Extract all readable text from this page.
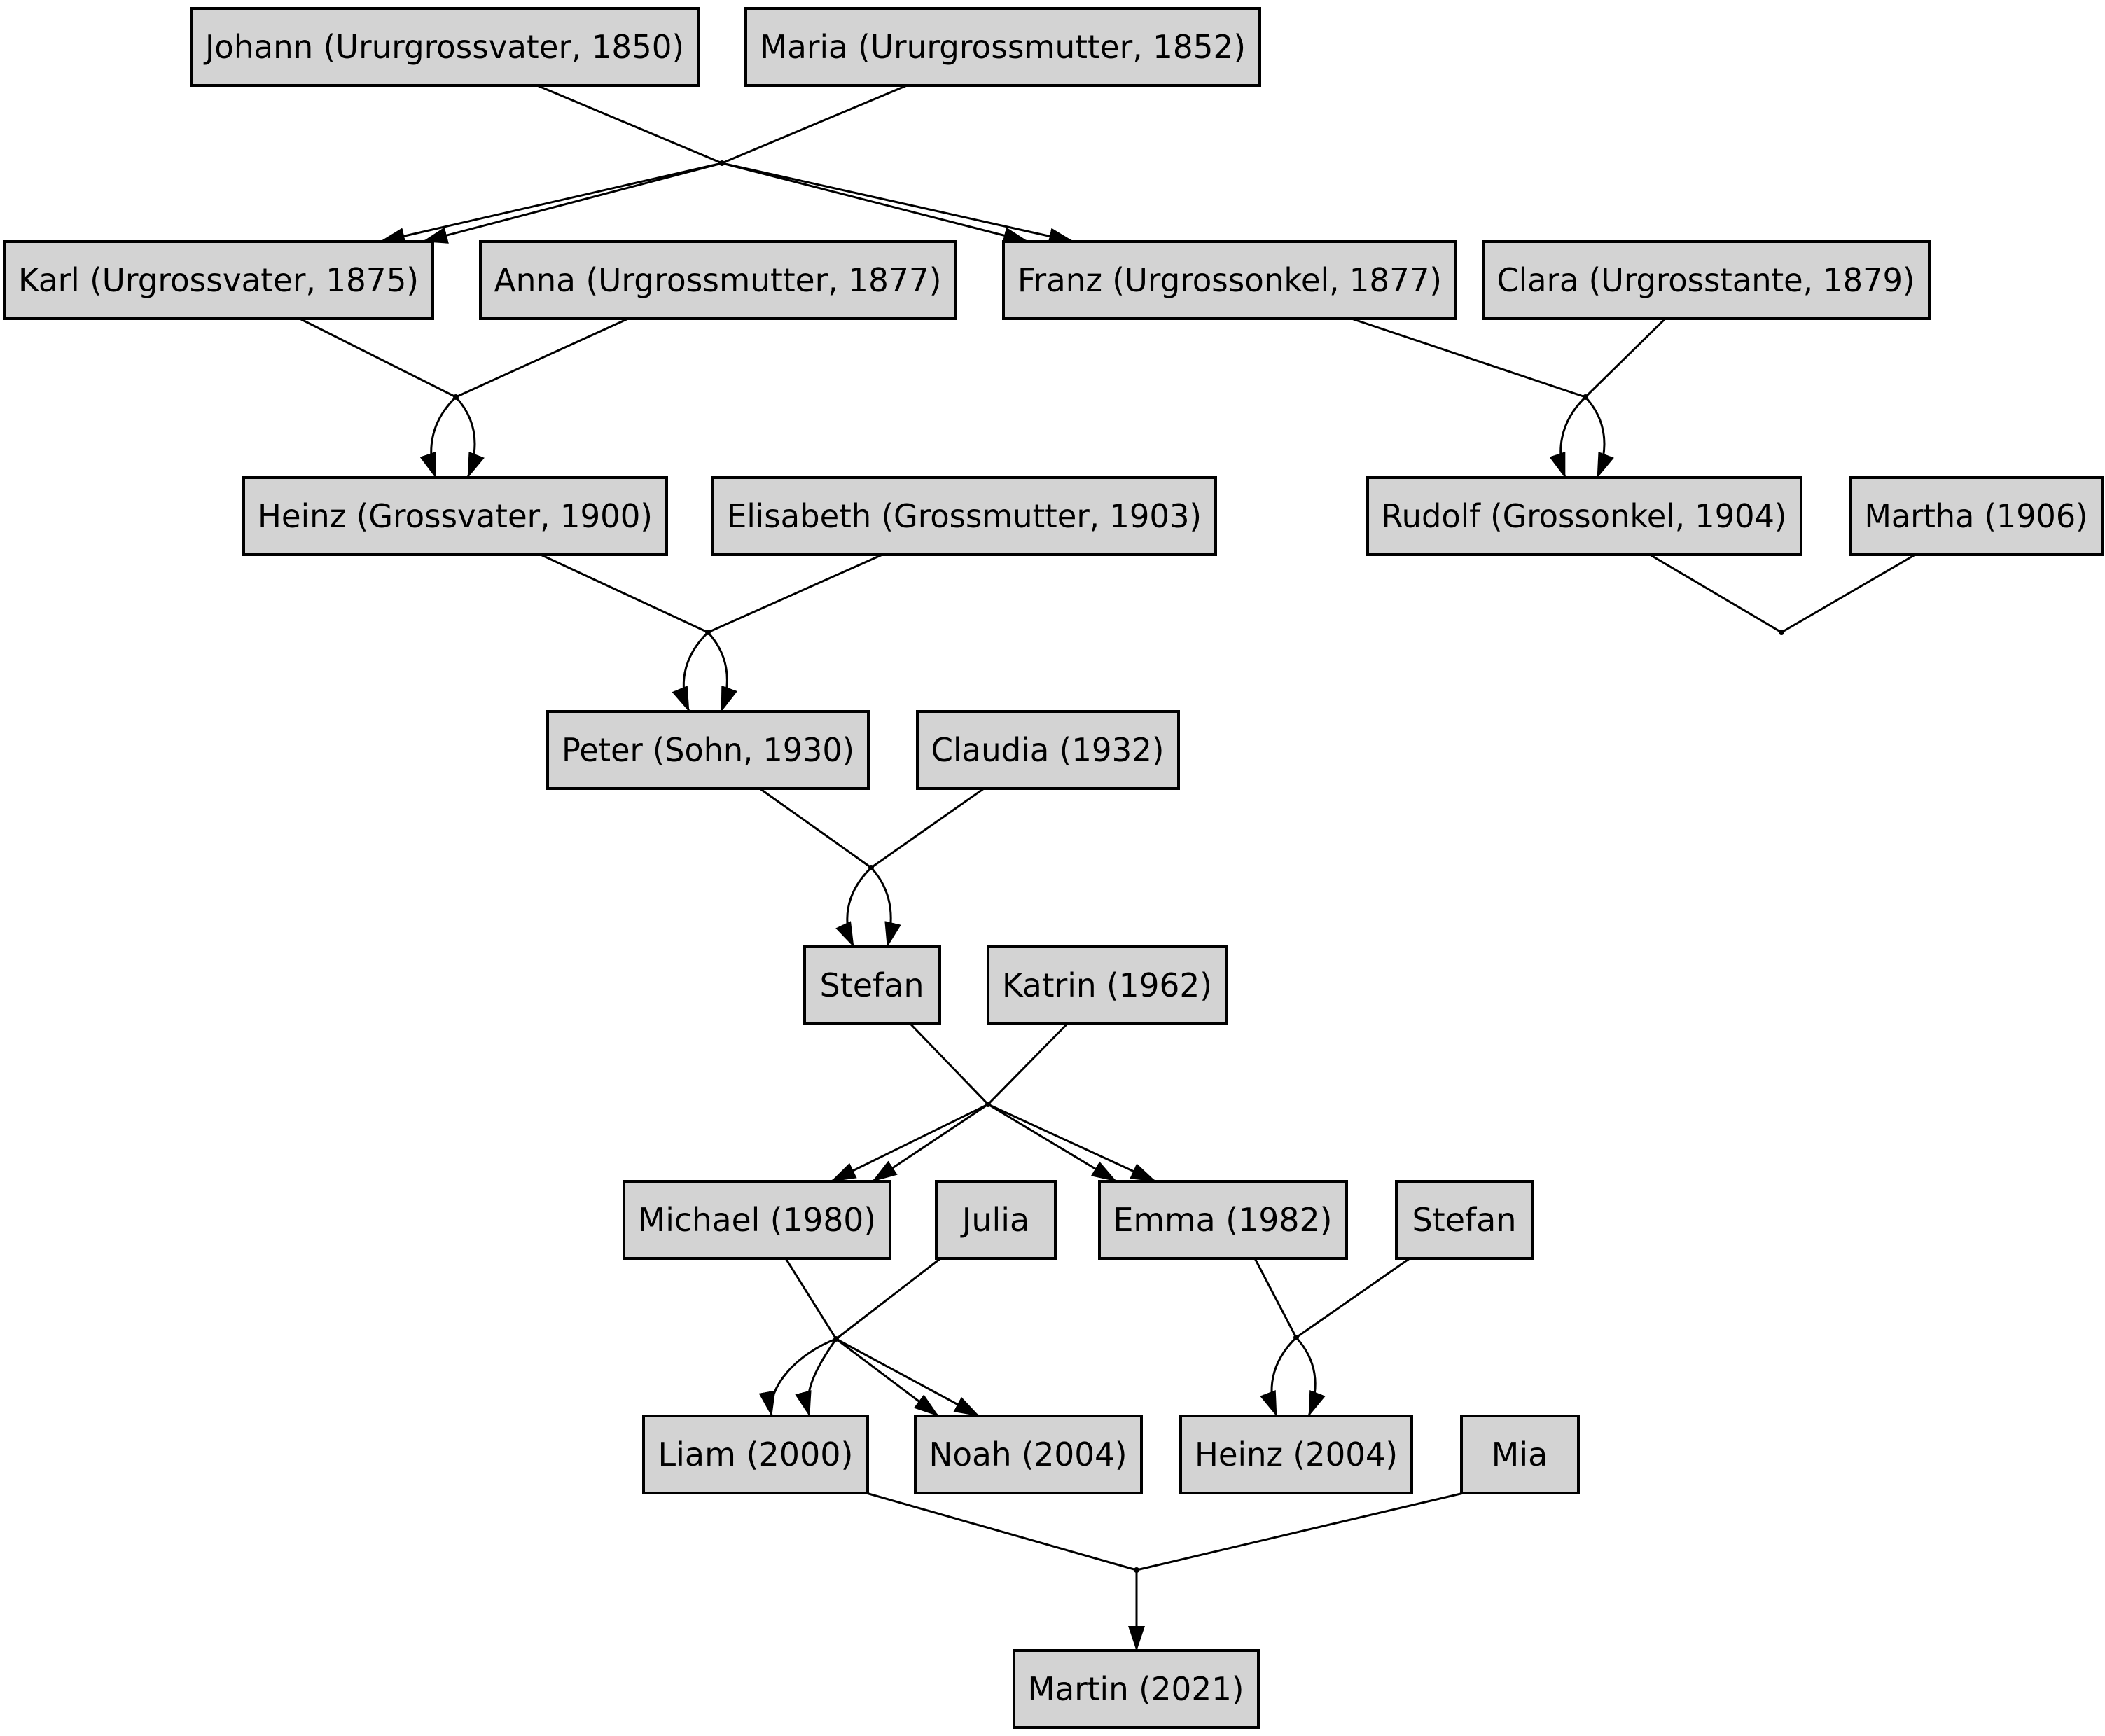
Johann (Ururgrossvater, 1850) Maria (Ururgrossmutter, 1852)
Karl (Urgrossvater, 1875) Anna (Urgrossmutter, 1877) Franz (Urgrossonkel, 1877) Clara (Urgrosstante, 1879)
Heinz (Grossvater, 1900) Elisabeth (Grossmutter, 1903)	Rudolf (Grossonkel, 1904) Martha (1906)
Peter (Sohn, 1930) Claudia (1932)
Stefan Katrin (1962)
Michael (1980)	Julia	Emma (1982) Stefan
Liam (2000) Noah (2004) Heinz (2004)	Mia
Martin (2021)
